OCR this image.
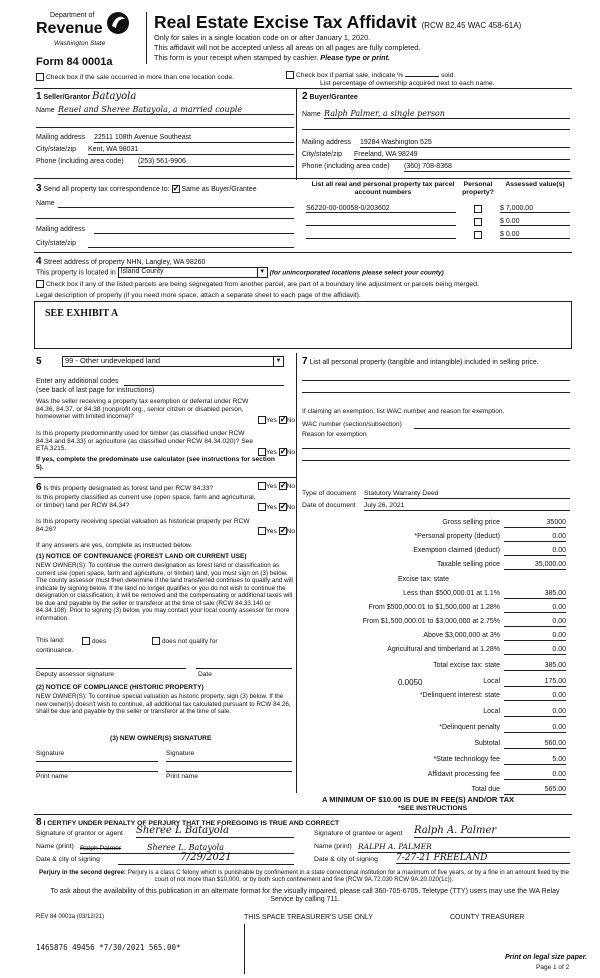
Department of
Revenue
Washington State
Form 84 0001a
Real Estate Excise Tax Affidavit (RCW 82.45 WAC 458-61A)
Only for sales in a single location code on or after January 1, 2020.
This affidavit will not be accepted unless all areas on all pages are fully completed.
This form is your receipt when stamped by cashier. Please type or print.
Check box if the sale occurred in more than one location code.	Check box if partial sale, indicate %	sold.
List percentage of ownership acquired next to each name.
1 Seller/Grantor Batayola
Name Reuel and Sheree Batayola, a married couple
Mailing address 22511 108th Avenue Southeast
City/state/zip Kent, WA 98031
Phone (including area code) (253) 561-9906
2 Buyer/Grantee
Name Ralph Palmer, a single person
Mailing address 19284 Washington 525
City/state/zip Freeland, WA 98249
Phone (including area code) (360) 708-8368
3 Send all property tax correspondence to: ✓ Same as Buyer/Grantee
Name
Mailing address
City/state/zip
List all real and personal property tax parcel account numbers
Personal property?
Assessed value(s)
S6220-00-00058-0/203602	$ 7,000.00
$ 0.00
$ 0.00
4 Street address of property NHN, Langley, WA 98260
This property is located in Island County	▼ (for unincorporated locations please select your county)
Check box if any of the listed parcels are being segregated from another parcel, are part of a boundary line adjustment or parcels being merged.
Legal description of property (if you need more space, attach a separate sheet to each page of the affidavit).
SEE EXHIBIT A
5	99 - Other undeveloped land	▼
Enter any additional codes
(see back of last page for instructions)
Was the seller receiving a property tax exemption or deferral under RCW 84.36, 84.37, or 84.38 (nonprofit org., senior citizen or disabled person, homeowner with limited income)?
Yes ✓ No
Is this property predominantly used for timber (as classified under RCW 84.34 and 84.33) or agriculture (as classified under RCW 84.34.020)? See ETA 3215.
Yes ✓ No
If yes, complete the predominate use calculator (see instructions for section 5).
7 List all personal property (tangible and intangible) included in selling price.
If claiming an exemption, list WAC number and reason for exemption.
WAC number (section/subsection)
Reason for exemption
6 Is this property designated as forest land per RCW 84.33?	Yes ✓ No
Is this property classified as current use (open space, farm and agricultural, or timber) land per RCW 84.34?	Yes ✓ No
Is this property receiving special valuation as historical property per RCW 84.26?	Yes ✓ No
If any answers are yes, complete as instructed below.
(1) NOTICE OF CONTINUANCE (FOREST LAND OR CURRENT USE)
NEW OWNER(S): To continue the current designation as forest land or classification as current use (open space, farm and agriculture, or timber) land, you must sign on (3) below. The county assessor must then determine if the land transferred continues to qualify and will indicate by signing below. If the land no longer qualifies or you do not wish to continue the designation or classification, it will be removed and the compensating or additional taxes will be due and payable by the seller or transferor at the time of sale (RCW 84.33.140 or 84.34.108). Prior to signing (3) below, you may contact your local county assessor for more information.
This land:	does	does not qualify for
continuance.
Deputy assessor signature	Date
(2) NOTICE OF COMPLIANCE (HISTORIC PROPERTY)
NEW OWNER(S): To continue special valuation as historic property, sign (3) below. If the new owner(s) doesn't wish to continue, all additional tax calculated pursuant to RCW 84.26, shall be due and payable by the seller or transferor at the time of sale.
(3) NEW OWNER(S) SIGNATURE
Signature	Signature
Print name	Print name
Type of document Statutory Warranty Deed
Date of document July 26, 2021
Gross selling price	35000
*Personal property (deduct)	0.00
Exemption claimed (deduct)	0.00
Taxable selling price	35,000.00
Excise tax: state
Less than $500,000.01 at 1.1%	385.00
From $500,000.01 to $1,500,000 at 1.28%	0.00
From $1,500,000.01 to $3,000,000 at 2.75%	0.00
Above $3,000,000 at 3%	0.00
Agricultural and timberland at 1.28%	0.00
Total excise tax: state	385.00
0.0050	Local	175.00
*Delinquent interest: state	0.00
Local	0.00
*Delinquent penalty	0.00
Subtotal	560.00
*State technology fee	5.00
Affidavit processing fee	0.00
Total due	565.00
A MINIMUM OF $10.00 IS DUE IN FEE(S) AND/OR TAX
*SEE INSTRUCTIONS
8 I CERTIFY UNDER PENALTY OF PERJURY THAT THE FOREGOING IS TRUE AND CORRECT
Signature of grantor or agent Sheree L Batayola
Name (print) Ralph Palmer	Sheree L. Batayola
Date & city of signing	7/29/2021
Signature of grantee or agent Ralph A. Palmer
Name (print) RALPH A. PALMER
Date & city of signing 7-27-21 FREELAND
Perjury in the second degree: Perjury is a class C felony which is punishable by confinement in a state correctional institution for a maximum of five years, or by a fine in an amount fixed by the court of not more than $10,000, or by both such confinement and fine (RCW 9A.72.030 RCW 9A.20.020(1c)).
To ask about the availability of this publication in an alternate format for the visually impaired, please call 360-705-6705. Teletype (TTY) users may use the WA Relay Service by calling 711.
REV 84 0001a (03/12/21)	THIS SPACE TREASURER'S USE ONLY	COUNTY TREASURER
1465876 49456 *7/30/2021 565.00*
Print on legal size paper.
Page 1 of 2
